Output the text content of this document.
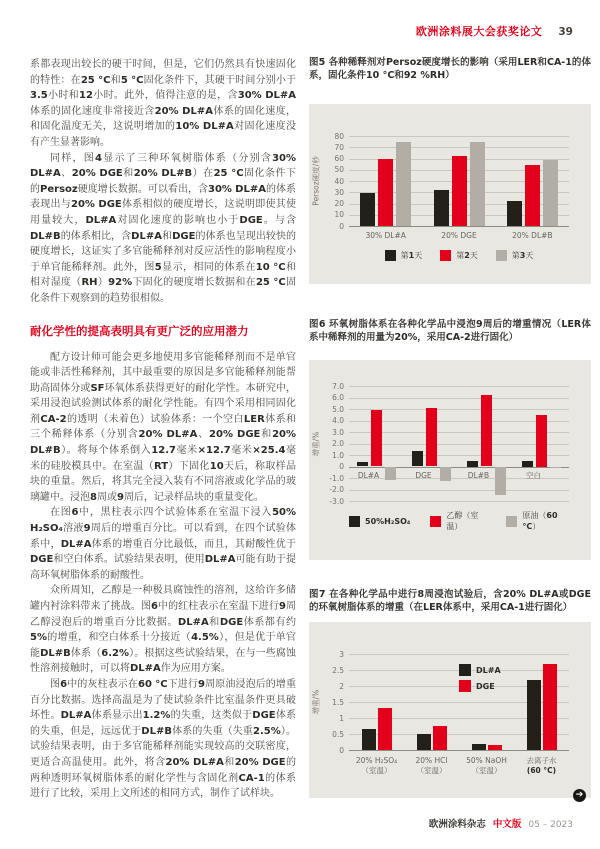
欧洲涂料展大会获奖论文 39

系都表现出较长的硬干时间，但是，它们仍然具有快速固化的特性：在25 °C和5 °C固化条件下，其硬干时间分别小于3.5小时和12小时。此外，值得注意的是，含30% DL#A体系的固化速度非常接近含20% DL#A体系的固化速度，和固化温度无关，这说明增加的10% DL#A对固化速度没有产生显著影响。

同样，图4显示了三种环氧树脂体系（分别含30% DL#A、20% DGE和20% DL#B）在25 °C固化条件下的Persoz硬度增长数据。可以看出，含30% DL#A的体系表现出与20% DGE体系相似的硬度增长，这说明即使其使用量较大，DL#A对固化速度的影响也小于DGE。与含DL#B的体系相比，含DL#A和DGE的体系也呈现出较快的硬度增长，这证实了多官能稀释剂对反应活性的影响程度小于单官能稀释剂。此外，图5显示，相同的体系在10 °C和相对湿度（RH）92%下固化的硬度增长数据和在25 °C固化条件下观察到的趋势很相似。

耐化学性的提高表明具有更广泛的应用潜力

配方设计师可能会更多地使用多官能稀释剂而不是单官能或非活性稀释剂，其中最重要的原因是多官能稀释剂能帮助高固体分或SF环氧体系获得更好的耐化学性。本研究中，采用浸泡试验测试体系的耐化学性能。有四个采用相同固化剂CA-2的透明（未着色）试验体系：一个空白LER体系和三个稀释体系（分别含20% DL#A、20% DGE和20% DL#B）。将每个体系倒入12.7毫米×12.7毫米×25.4毫米的硅胶模具中。在室温（RT）下固化10天后，称取样品块的重量。然后，将其完全浸入装有不同溶液或化学品的玻璃罐中。浸泡8周或9周后，记录样品块的重量变化。

在图6中，黑柱表示四个试验体系在室温下浸入50% H₂SO₄溶液9周后的增重百分比。可以看到，在四个试验体系中，DL#A体系的增重百分比最低，而且，其耐酸性优于DGE和空白体系。试验结果表明，使用DL#A可能有助于提高环氧树脂体系的耐酸性。

众所周知，乙醇是一种极具腐蚀性的溶剂，这给许多储罐内衬涂料带来了挑战。图6中的红柱表示在室温下进行9周乙醇浸泡后的增重百分比数据。DL#A和DGE体系都有约5%的增重，和空白体系十分接近（4.5%），但是优于单官能DL#B体系（6.2%）。根据这些试验结果，在与一些腐蚀性溶剂接触时，可以将DL#A作为应用方案。

图6中的灰柱表示在60 °C下进行9周原油浸泡后的增重百分比数据。选择高温是为了使试验条件比室温条件更具破坏性。DL#A体系显示出1.2%的失重，这类似于DGE体系的失重，但是，远远优于DL#B体系的失重（失重2.5%）。试验结果表明，由于多官能稀释剂能实现较高的交联密度，更适合高温使用。此外，将含20% DL#A和20% DGE的两种透明环氧树脂体系的耐化学性与含固化剂CA-1的体系进行了比较，采用上文所述的相同方式，制作了试样块。

图5 各种稀释剂对Persoz硬度增长的影响（采用LER和CA-1的体系，固化条件10 °C和92 %RH）
80
70
60
50
40
30
20
10
0
Persoz硬度/秒
30% DL#A	20% DGE	20% DL#B
第1天	第2天	第3天
图6 环氧树脂体系在各种化学品中浸泡9周后的增重情况（LER体系中稀释剂的用量为20%，采用CA-2进行固化）
7.0
6.0
5.0
4.0
3.0
2.0
1.0
0
-1.0
-2.0
-3.0
增重/%
DL#A	DGE	DL#B	空白
50%H₂SO₄
乙醇（室温）
原油（60 °C）
图7 在各种化学品中进行8周浸泡试验后，含20% DL#A或DGE的环氧树脂体系的增重（在LER体系中，采用CA-1进行固化）
3
2.5
2
1.5
1
0.5
0
增重/%
20% H₂SO₄
（室温）
20% HCl
（室温）
50% NaOH
（室温）
去离子水
(60 °C)
DL#A
DGE
➔
欧洲涂料杂志 中文版 05 – 2023
